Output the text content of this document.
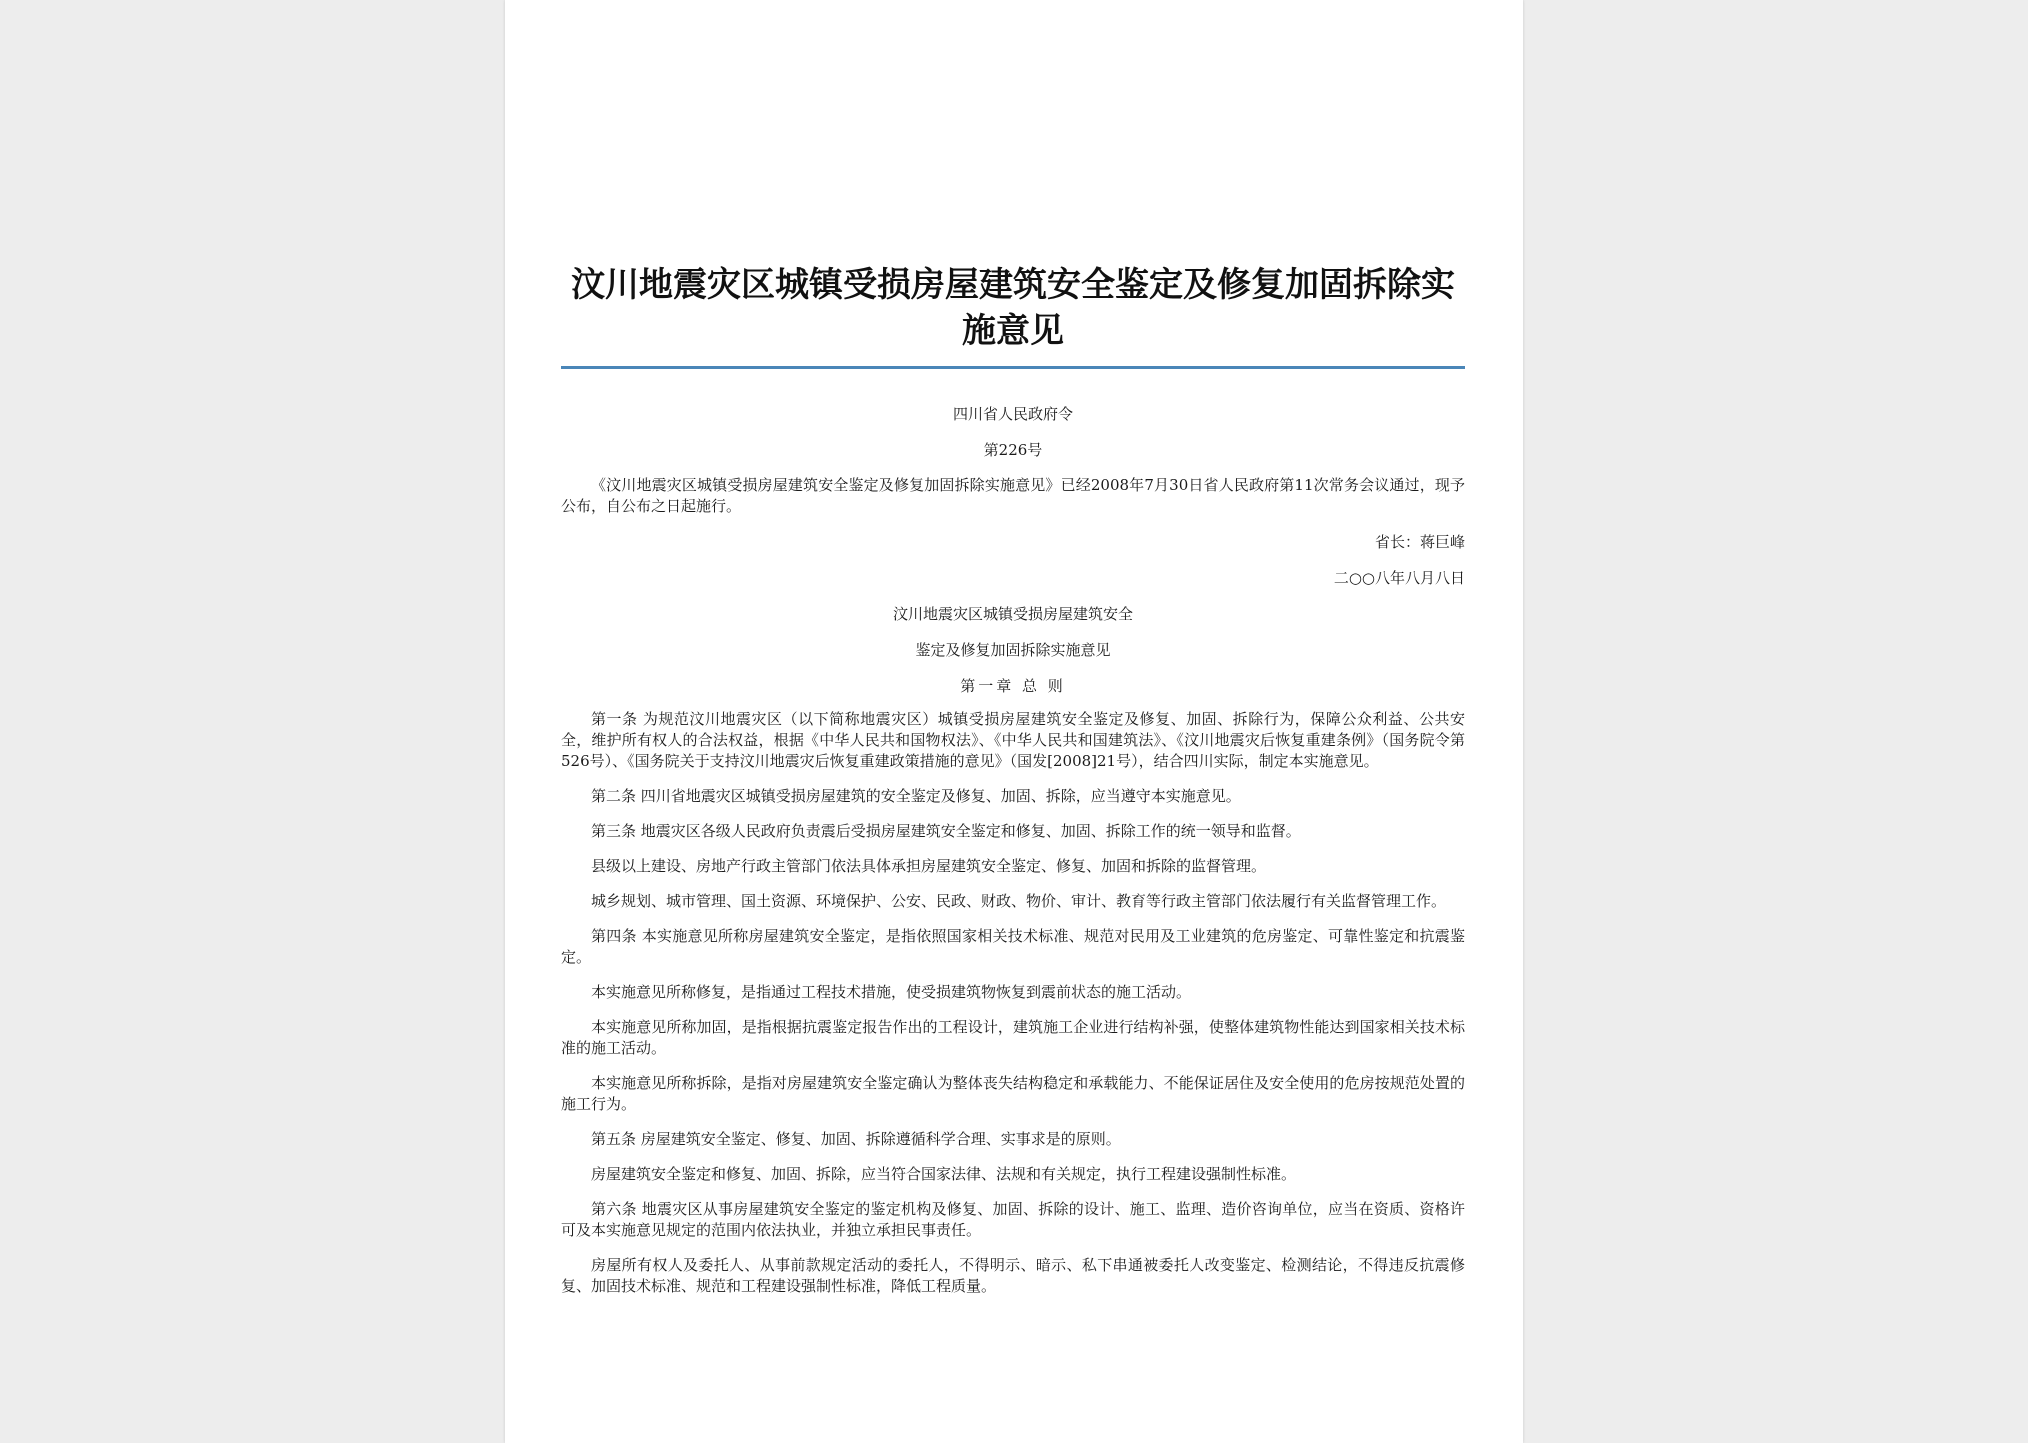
汶川地震灾区城镇受损房屋建筑安全鉴定及修复加固拆除实施意见

四川省人民政府令

第226号

《汶川地震灾区城镇受损房屋建筑安全鉴定及修复加固拆除实施意见》已经2008年7月30日省人民政府第11次常务会议通过，现予公布，自公布之日起施行。

省长：蒋巨峰

二○○八年八月八日

汶川地震灾区城镇受损房屋建筑安全

鉴定及修复加固拆除实施意见

第一章 总 则

第一条 为规范汶川地震灾区（以下简称地震灾区）城镇受损房屋建筑安全鉴定及修复、加固、拆除行为，保障公众利益、公共安全，维护所有权人的合法权益，根据《中华人民共和国物权法》、《中华人民共和国建筑法》、《汶川地震灾后恢复重建条例》（国务院令第526号）、《国务院关于支持汶川地震灾后恢复重建政策措施的意见》（国发[2008]21号），结合四川实际，制定本实施意见。

第二条 四川省地震灾区城镇受损房屋建筑的安全鉴定及修复、加固、拆除，应当遵守本实施意见。

第三条 地震灾区各级人民政府负责震后受损房屋建筑安全鉴定和修复、加固、拆除工作的统一领导和监督。

县级以上建设、房地产行政主管部门依法具体承担房屋建筑安全鉴定、修复、加固和拆除的监督管理。

城乡规划、城市管理、国土资源、环境保护、公安、民政、财政、物价、审计、教育等行政主管部门依法履行有关监督管理工作。

第四条 本实施意见所称房屋建筑安全鉴定，是指依照国家相关技术标准、规范对民用及工业建筑的危房鉴定、可靠性鉴定和抗震鉴定。

本实施意见所称修复，是指通过工程技术措施，使受损建筑物恢复到震前状态的施工活动。

本实施意见所称加固，是指根据抗震鉴定报告作出的工程设计，建筑施工企业进行结构补强，使整体建筑物性能达到国家相关技术标准的施工活动。

本实施意见所称拆除，是指对房屋建筑安全鉴定确认为整体丧失结构稳定和承载能力、不能保证居住及安全使用的危房按规范处置的施工行为。

第五条 房屋建筑安全鉴定、修复、加固、拆除遵循科学合理、实事求是的原则。

房屋建筑安全鉴定和修复、加固、拆除，应当符合国家法律、法规和有关规定，执行工程建设强制性标准。

第六条 地震灾区从事房屋建筑安全鉴定的鉴定机构及修复、加固、拆除的设计、施工、监理、造价咨询单位，应当在资质、资格许可及本实施意见规定的范围内依法执业，并独立承担民事责任。

房屋所有权人及委托人、从事前款规定活动的委托人，不得明示、暗示、私下串通被委托人改变鉴定、检测结论，不得违反抗震修复、加固技术标准、规范和工程建设强制性标准，降低工程质量。
